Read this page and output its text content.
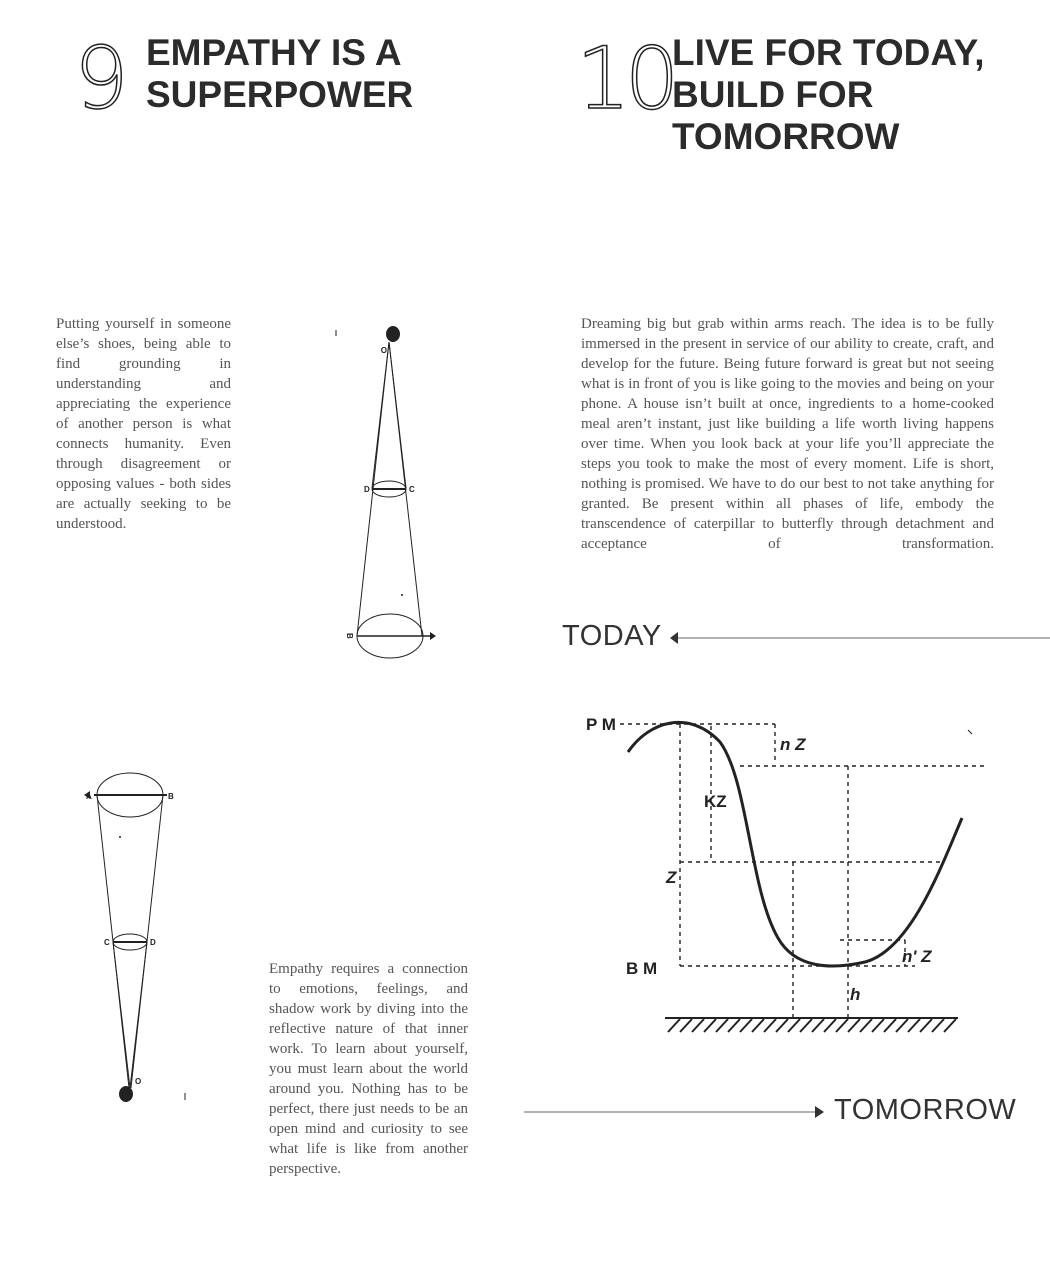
9 EMPATHY IS A
SUPERPOWER

Putting yourself in someone else’s shoes, being able to find grounding in understanding and appreciating the experience of another person is what connects humanity. Even through disagreement or opposing values - both sides are actually seeking to be understood.

O
D	C
B
A	B
C	D
O

Empathy requires a connection to emotions, feelings, and shadow work by diving into the reflective nature of that inner work. To learn about yourself, you must learn about the world around you. Nothing has to be perfect, there just needs to be an open mind and curiosity to see what life is like from another perspective.

10
LIVE FOR TODAY,
BUILD FOR
TOMORROW

Dreaming big but grab within arms reach. The idea is to be fully immersed in the present in service of our ability to create, craft, and develop for the future. Being future forward is great but not seeing what is in front of you is like going to the movies and being on your phone. A house isn’t built at once, ingredients to a home-cooked meal aren’t instant, just like building a life worth living happens over time. When you look back at your life you’ll appreciate the steps you took to make the most of every moment. Life is short, nothing is promised. We have to do our best to not take anything for granted. Be present within all phases of life, embody the transcendence of caterpillar to butterfly through detachment and acceptance of transformation.

TODAY
P M
B M
n Z
KZ
Z
n' Z
h
TOMORROW
